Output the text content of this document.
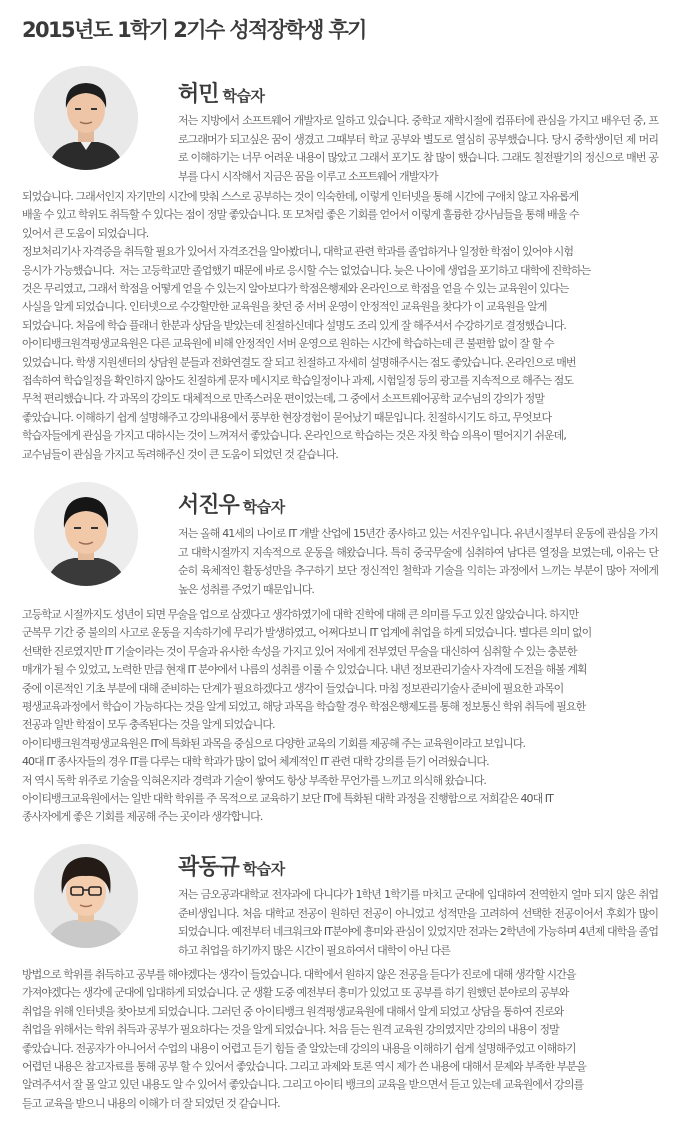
2015년도 1학기 2기수 성적장학생 후기
허민 학습자

저는 지방에서 소프트웨어 개발자로 일하고 있습니다. 중학교 재학시절에 컴퓨터에 관심을 가지고 배우던 중, 프로그래머가 되고싶은 꿈이 생겼고 그때부터 학교 공부와 별도로 열심히 공부했습니다. 당시 중학생이던 제 머리로 이해하기는 너무 어려운 내용이 많았고 그래서 포기도 참 많이 했습니다. 그래도 칠전팔기의 정신으로 매번 공부를 다시 시작해서 지금은 꿈을 이루고 소프트웨어 개발자가

되었습니다. 그래서인지 자기만의 시간에 맞춰 스스로 공부하는 것이 익숙한데, 이렇게 인터넷을 통해 시간에 구애치 않고 자유롭게
배울 수 있고 학위도 취득할 수 있다는 점이 정말 좋았습니다. 또 모처럼 좋은 기회를 얻어서 이렇게 훌륭한 강사님들을 통해 배울 수
있어서 큰 도움이 되었습니다.
정보처리기사 자격증을 취득할 필요가 있어서 자격조건을 알아봤더니, 대학교 관련 학과를 졸업하거나 일정한 학점이 있어야 시험
응시가 가능했습니다.  저는 고등학교만 졸업했기 때문에 바로 응시할 수는 없었습니다. 늦은 나이에 생업을 포기하고 대학에 진학하는
것은 무리였고, 그래서 학점을 어떻게 얻을 수 있는지 알아보다가 학점은행제와 온라인으로 학점을 얻을 수 있는 교육원이 있다는
사실을 알게 되었습니다. 인터넷으로 수강할만한 교육원을 찾던 중 서버 운영이 안정적인 교육원을 찾다가 이 교육원을 알게
되었습니다. 처음에 학습 플래너 한분과 상담을 받았는데 친절하신데다 설명도 조리 있게 잘 해주셔서 수강하기로 결정했습니다.
아이티뱅크원격평생교육원은 다른 교육원에 비해 안정적인 서버 운영으로 원하는 시간에 학습하는데 큰 불편함 없이 잘 할 수
있었습니다. 학생 지원센터의 상담원 분들과 전화연결도 잘 되고 친절하고 자세히 설명해주시는 점도 좋았습니다. 온라인으로 매번
접속하여 학습일정을 확인하지 않아도 친절하게 문자 메시지로 학습일정이나 과제, 시험일정 등의 광고를 지속적으로 해주는 점도
무척 편리했습니다. 각 과목의 강의도 대체적으로 만족스러운 편이었는데, 그 중에서 소프트웨어공학 교수님의 강의가 정말
좋았습니다. 이해하기 쉽게 설명해주고 강의내용에서 풍부한 현장경험이 묻어났기 때문입니다. 친절하시기도 하고, 무엇보다
학습자들에게 관심을 가지고 대하시는 것이 느껴져서 좋았습니다. 온라인으로 학습하는 것은 자칫 학습 의욕이 떨어지기 쉬운데,
교수님들이 관심을 가지고 독려해주신 것이 큰 도움이 되었던 것 같습니다.

서진우 학습자

저는 올해 41세의 나이로 IT 개발 산업에 15년간 종사하고 있는 서진우입니다. 유년시절부터 운동에 관심을 가지고 대학시절까지 지속적으로 운동을 해왔습니다. 특히 중국무술에 심취하여 남다른 열정을 보였는데, 이유는 단순히 육체적인 활동성만을 추구하기 보단 정신적인 철학과 기술을 익히는 과정에서 느끼는 부분이 많아 저에게 높은 성취를 주었기 때문입니다.

고등학교 시절까지도 성년이 되면 무술을 업으로 삼겠다고 생각하였기에 대학 진학에 대해 큰 의미를 두고 있진 않았습니다. 하지만
군복무 기간 중 불의의 사고로 운동을 지속하기에 무리가 발생하였고, 어쩌다보니 IT 업계에 취업을 하게 되었습니다. 별다른 의미 없이
선택한 진로였지만 IT 기술이라는 것이 무술과 유사한 속성을 가지고 있어 저에게 전부였던 무술을 대신하여 심취할 수 있는 충분한
매개가 될 수 있었고, 노력한 만큼 현재 IT 분야에서 나름의 성취를 이룰 수 있었습니다. 내년 정보관리기술사 자격에 도전을 해볼 계획
중에 이론적인 기초 부분에 대해 준비하는 단계가 필요하겠다고 생각이 들었습니다. 마침 정보관리기술사 준비에 필요한 과목이
평생교육과정에서 학습이 가능하다는 것을 알게 되었고, 해당 과목을 학습할 경우 학점은행제도를 통해 정보통신 학위 취득에 필요한
전공과 일반 학점이 모두 충족된다는 것을 알게 되었습니다.
아이티뱅크원격평생교육원은 IT에 특화된 과목을 중심으로 다양한 교육의 기회를 제공해 주는 교육원이라고 보입니다.
40대 IT 종사자들의 경우 IT를 다루는 대학 학과가 많이 없어 체계적인 IT 관련 대학 강의를 듣기 어려웠습니다.
저 역시 독학 위주로 기술을 익혀온지라 경력과 기술이 쌓여도 항상 부족한 무언가를 느끼고 의식해 왔습니다.
아이티뱅크교육원에서는 일반 대학 학위를 주 목적으로 교육하기 보단 IT에 특화된 대학 과정을 진행함으로 저희같은 40대 IT
종사자에게 좋은 기회를 제공해 주는 곳이라 생각합니다.

곽동규 학습자

저는 금오공과대학교 전자과에 다니다가 1학년 1학기를 마치고 군대에 입대하여 전역한지 얼마 되지 않은 취업 준비생입니다. 처음 대학교 전공이 원하던 전공이 아니었고 성적만을 고려하여 선택한 전공이어서 후회가 많이 되었습니다. 예전부터 네크워크와 IT분야에 흥미와 관심이 있었지만 전과는 2학년에 가능하며 4년제 대학을 졸업하고 취업을 하기까지 많은 시간이 필요하여서 대학이 아닌 다른

방법으로 학위를 취득하고 공부를 해야겠다는 생각이 들었습니다. 대학에서 원하지 않은 전공을 듣다가 진로에 대해 생각할 시간을
가져야겠다는 생각에 군대에 입대하게 되었습니다. 군 생활 도중 예전부터 흥미가 있었고 또 공부를 하기 원했던 분야로의 공부와
취업을 위해 인터넷을 찾아보게 되었습니다. 그러던 중 아이티뱅크 원격평생교육원에 대해서 알게 되었고 상담을 통하여 진로와
취업을 위해서는 학위 취득과 공부가 필요하다는 것을 알게 되었습니다. 처음 듣는 원격 교육원 강의였지만 강의의 내용이 정말
좋았습니다. 전공자가 아니어서 수업의 내용이 어렵고 듣기 힘들 줄 알았는데 강의의 내용을 이해하기 쉽게 설명해주었고 이해하기
어렵던 내용은 참고자료를 통해 공부 할 수 있어서 좋았습니다. 그리고 과제와 토론 역시 제가 쓴 내용에 대해서 문제와 부족한 부분을
알려주셔서 잘 몰 알고 있던 내용도 알 수 있어서 좋았습니다. 그리고 아이티 뱅크의 교육을 받으면서 듣고 있는데 교육원에서 강의를
듣고 교육을 받으니 내용의 이해가 더 잘 되었던 것 같습니다.
